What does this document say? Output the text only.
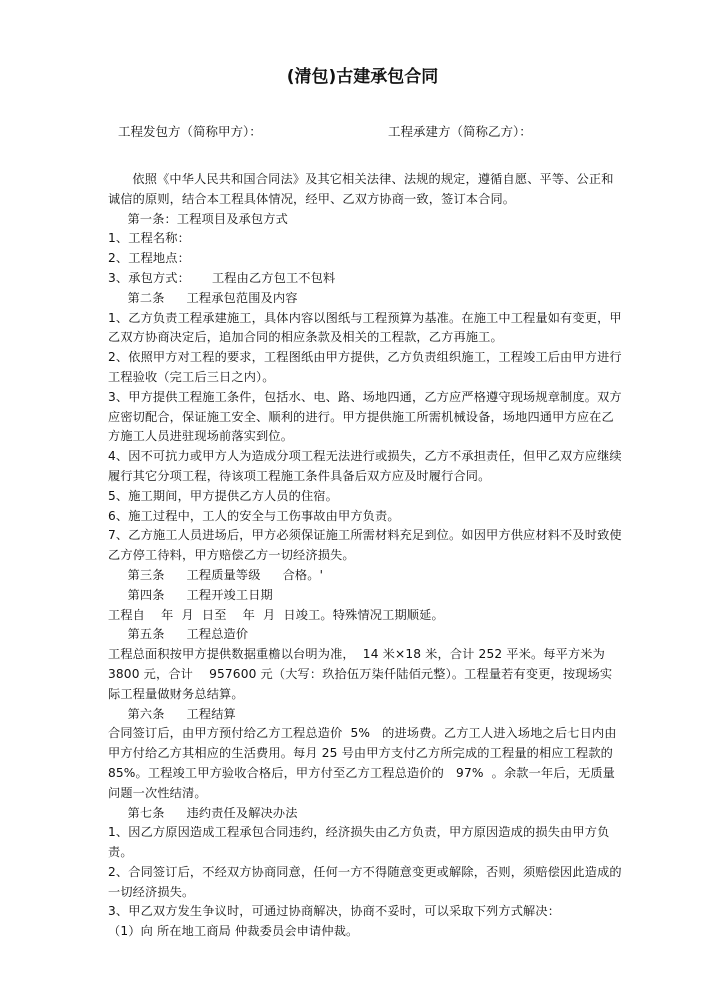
(清包)古建承包合同
工程发包方（简称甲方）：	工程承建方（简称乙方）：

依照《中华人民共和国合同法》及其它相关法律、法规的规定，遵循自愿、平等、公正和诚信的原则，结合本工程具体情况，经甲、乙双方协商一致，签订本合同。

第一条：工程项目及承包方式

1、工程名称：

2、工程地点：

3、承包方式： 工程由乙方包工不包料

第二条 工程承包范围及内容

1、乙方负责工程承建施工，具体内容以图纸与工程预算为基准。在施工中工程量如有变更，甲乙双方协商决定后，追加合同的相应条款及相关的工程款，乙方再施工。

2、依照甲方对工程的要求，工程图纸由甲方提供，乙方负责组织施工，工程竣工后由甲方进行工程验收（完工后三日之内）。

3、甲方提供工程施工条件，包括水、电、路、场地四通，乙方应严格遵守现场规章制度。双方应密切配合，保证施工安全、顺利的进行。甲方提供施工所需机械设备，场地四通甲方应在乙方施工人员进驻现场前落实到位。

4、因不可抗力或甲方人为造成分项工程无法进行或损失，乙方不承担责任，但甲乙双方应继续履行其它分项工程，待该项工程施工条件具备后双方应及时履行合同。

5、施工期间，甲方提供乙方人员的住宿。

6、施工过程中，工人的安全与工伤事故由甲方负责。

7、乙方施工人员进场后，甲方必须保证施工所需材料充足到位。如因甲方供应材料不及时致使乙方停工待料，甲方赔偿乙方一切经济损失。

第三条 工程质量等级 合格。'

第四条 工程开竣工日期

工程自    年  月  日至    年  月  日竣工。特殊情况工期顺延。

第五条 工程总造价

工程总面积按甲方提供数据重檐以台明为准，  14 米×18 米，合计 252 平米。每平方米为3800 元，合计    957600 元（大写：玖拾伍万柒仟陆佰元整）。工程量若有变更，按现场实际工程量做财务总结算。

第六条 工程结算

合同签订后，由甲方预付给乙方工程总造价  5%   的进场费。乙方工人进入场地之后七日内由甲方付给乙方其相应的生活费用。每月 25 号由甲方支付乙方所完成的工程量的相应工程款的 85%。工程竣工甲方验收合格后，甲方付至乙方工程总造价的   97%  。余款一年后，无质量问题一次性结清。

第七条 违约责任及解决办法

1、因乙方原因造成工程承包合同违约，经济损失由乙方负责，甲方原因造成的损失由甲方负责。

2、合同签订后，不经双方协商同意，任何一方不得随意变更或解除，否则，须赔偿因此造成的一切经济损失。

3、甲乙双方发生争议时，可通过协商解决，协商不妥时，可以采取下列方式解决：

（1）向 所在地工商局 仲裁委员会申请仲裁。
